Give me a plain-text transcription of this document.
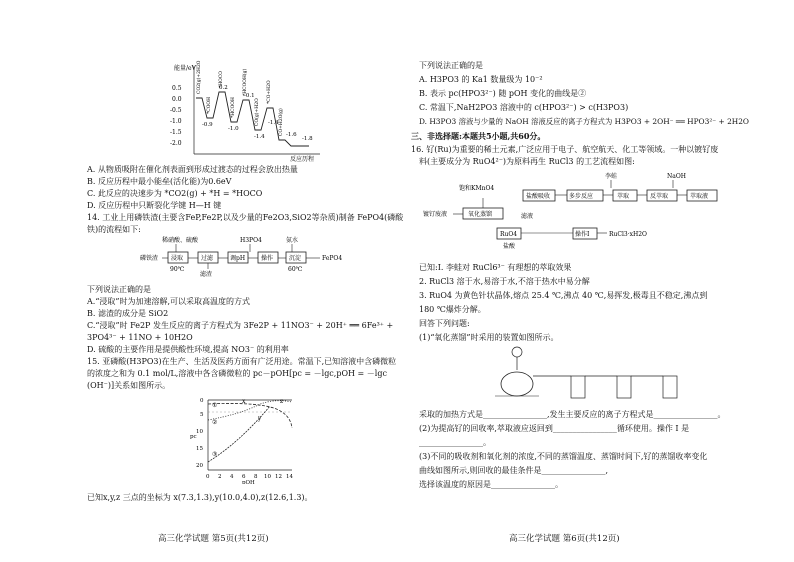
能量/eV
0.5
0.0
-0.5
-1.0
-1.5
-2.0
-0.9
0.2
-1.0
-0.1
-1.4
-1.4
-1.6
-1.8
CO2(g)+2H2O
*COOH
*HOCO
*HCOOH
*HCOOH(g)
CO(g)+H2O
*CO+H2O
CO+H2O(g)
反应历程
A. 从物质吸附在催化剂表面到形成过渡态的过程会放出热量
B. 反应历程中最小能垒(活化能)为0.6eV
C. 此反应的决速步为 *CO2(g) + *H = *HOCO
D. 反应历程中只断裂化学键 H—H 键
14. 工业上用磷铁渣(主要含FeP,Fe2P,以及少量的Fe2O3,SiO2等杂质)制备 FePO4(磷酸
铁)的流程如下:
稀硝酸、硫酸	H3PO4	氨水
磷铁渣 浸取	过滤	调pH	操作	沉淀	FePO4
90℃
滤渣
60℃
下列说法正确的是
A.“浸取”时为加速溶解,可以采取高温度的方式
B. 滤渣的成分是 SiO2
C.“浸取”时 Fe2P 发生反应的离子方程式为 3Fe2P + 11NO3⁻ + 20H⁺ ══ 6Fe³⁺ +
3PO4³⁻ + 11NO + 10H2O
D. 硫酸的主要作用是提供酸性环境,提高 NO3⁻ 的利用率
15. 亚磷酸(H3PO3)在生产、生活及医药方面有广泛用途。常温下,已知溶液中含磷微粒
的浓度之和为 0.1 mol/L,溶液中各含磷微粒的 pc－pOH[pc = －lgc,pOH = －lgc
(OH⁻)]关系如图所示。
0
5
10
15
20
pc
①
②
③
x
y
z
0 2 4 6 8 10 12 14
pOH
已知x,y,z 三点的坐标为 x(7.3,1.3),y(10.0,4.0),z(12.6,1.3)。
高三化学试题 第5页(共12页)
下列说法正确的是
A. H3PO3 的 Ka1 数量级为 10⁻²
B. 表示 pc(HPO3²⁻) 随 pOH 变化的曲线是②
C. 常温下,NaH2PO3 溶液中的 c(HPO3²⁻) > c(H3PO3)
D. H3PO3 溶液与少量的 NaOH 溶液反应的离子方程式为 H3PO3 + 2OH⁻ ══ HPO3²⁻ + 2H2O
三、非选择题:本题共5小题,共60分。
16. 钌(Ru)为重要的稀土元素,广泛应用于电子、航空航天、化工等领域。一种以镀钌废
料(主要成分为 RuO4²⁻)为原料再生 RuCl3 的工艺流程如图:
饱和KMnO4
李蛙	NaOH
镀钌废液	氧化蒸馏
盐酸吸收	多步反应	萃取	反萃取	萃取液
滤液
RuO4
盐酸
操作I	RuCl3·xH2O
已知:I. 李蛙对 RuCl6³⁻ 有理想的萃取效果
2. RuCl3 溶于水,易溶于水,不溶于热水中易分解
3. RuO4 为黄色针状晶体,熔点 25.4 ℃,沸点 40 ℃,易挥发,极毒且不稳定,沸点到
180 ℃爆炸分解。
回答下列问题:
(1)“氧化蒸馏”时采用的装置如图所示。
采取的加热方式是________________,发生主要反应的离子方程式是________________。
(2)为提高钌的回收率,萃取液应返回到________________循环使用。操作 I 是
________________。
(3)不同的吸收剂和氧化剂的浓度,不同的蒸馏温度、蒸馏时间下,钌的蒸馏收率变化
曲线如图所示,则回收的最佳条件是________________,
选择该温度的原因是________________。
高三化学试题 第6页(共12页)
